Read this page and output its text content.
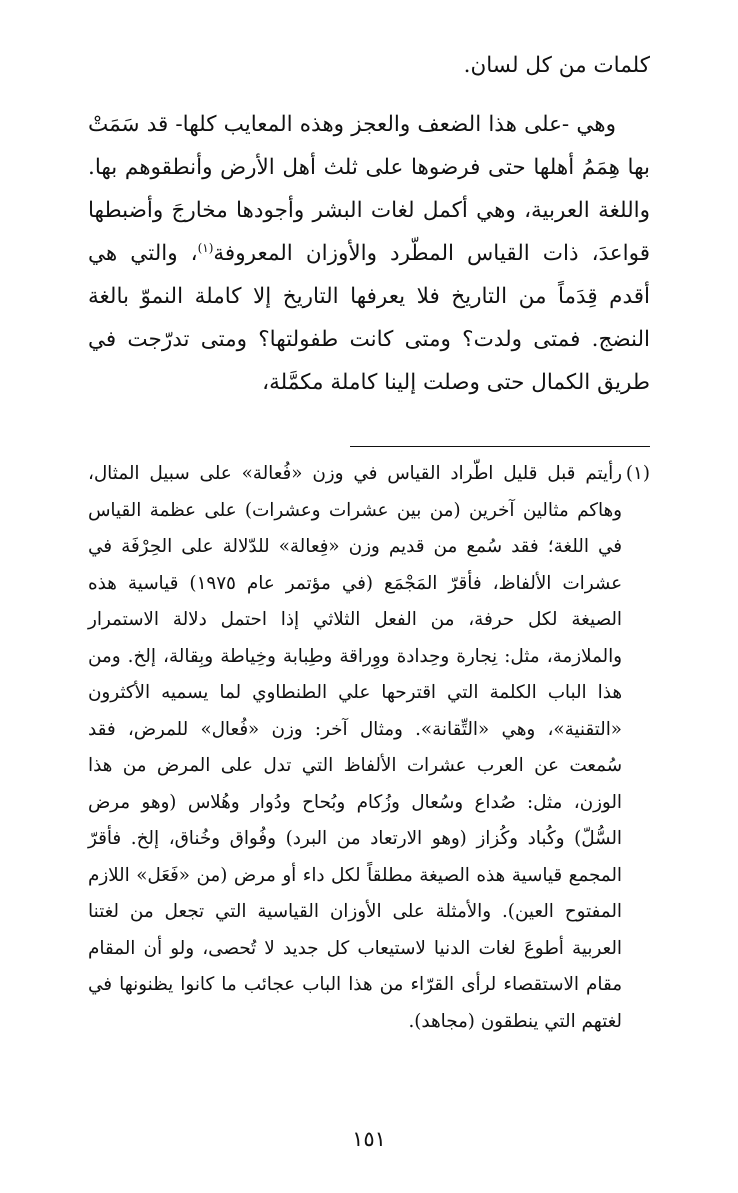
كلمات من كل لسان.

وهي -على هذا الضعف والعجز وهذه المعايب كلها- قد سَمَتْ بها هِمَمُ أهلها حتى فرضوها على ثلث أهل الأرض وأنطقوهم بها. واللغة العربية، وهي أكمل لغات البشر وأجودها مخارجَ وأضبطها قواعدَ، ذات القياس المطّرد والأوزان المعروفة$^{(١)}$، والتي هي أقدم قِدَماً من التاريخ فلا يعرفها التاريخ إلا كاملة النموّ بالغة النضج. فمتى ولدت؟ ومتى كانت طفولتها؟ ومتى تدرّجت في طريق الكمال حتى وصلت إلينا كاملة مكمَّلة،

(١)
رأيتم قبل قليل اطّراد القياس في وزن «فُعالة» على سبيل المثال، وهاكم مثالين آخرين (من بين عشرات وعشرات) على عظمة القياس في اللغة؛ فقد سُمع من قديم وزن «فِعالة» للدّلالة على الحِرْفَة في عشرات الألفاظ، فأقرّ المَجْمَع (في مؤتمر عام ١٩٧٥) قياسية هذه الصيغة لكل حرفة، من الفعل الثلاثي إذا احتمل دلالة الاستمرار والملازمة، مثل: نِجارة وحِدادة ووِراقة وطِبابة وخِياطة وبِقالة، إلخ. ومن هذا الباب الكلمة التي اقترحها علي الطنطاوي لما يسميه الأكثرون «التقنية»، وهي «التِّقانة». ومثال آخر: وزن «فُعال» للمرض، فقد سُمعت عن العرب عشرات الألفاظ التي تدل على المرض من هذا الوزن، مثل: صُداع وسُعال وزُكام وبُحاح ودُوار وهُلاس (وهو مرض السُّلّ) وكُباد وكُزاز (وهو الارتعاد من البرد) وفُواق وخُناق، إلخ. فأقرّ المجمع قياسية هذه الصيغة مطلقاً لكل داء أو مرض (من «فَعَل» اللازم المفتوح العين). والأمثلة على الأوزان القياسية التي تجعل من لغتنا العربية أطوعَ لغات الدنيا لاستيعاب كل جديد لا تُحصى، ولو أن المقام مقام الاستقصاء لرأى القرّاء من هذا الباب عجائب ما كانوا يظنونها في لغتهم التي ينطقون (مجاهد).

١٥١
